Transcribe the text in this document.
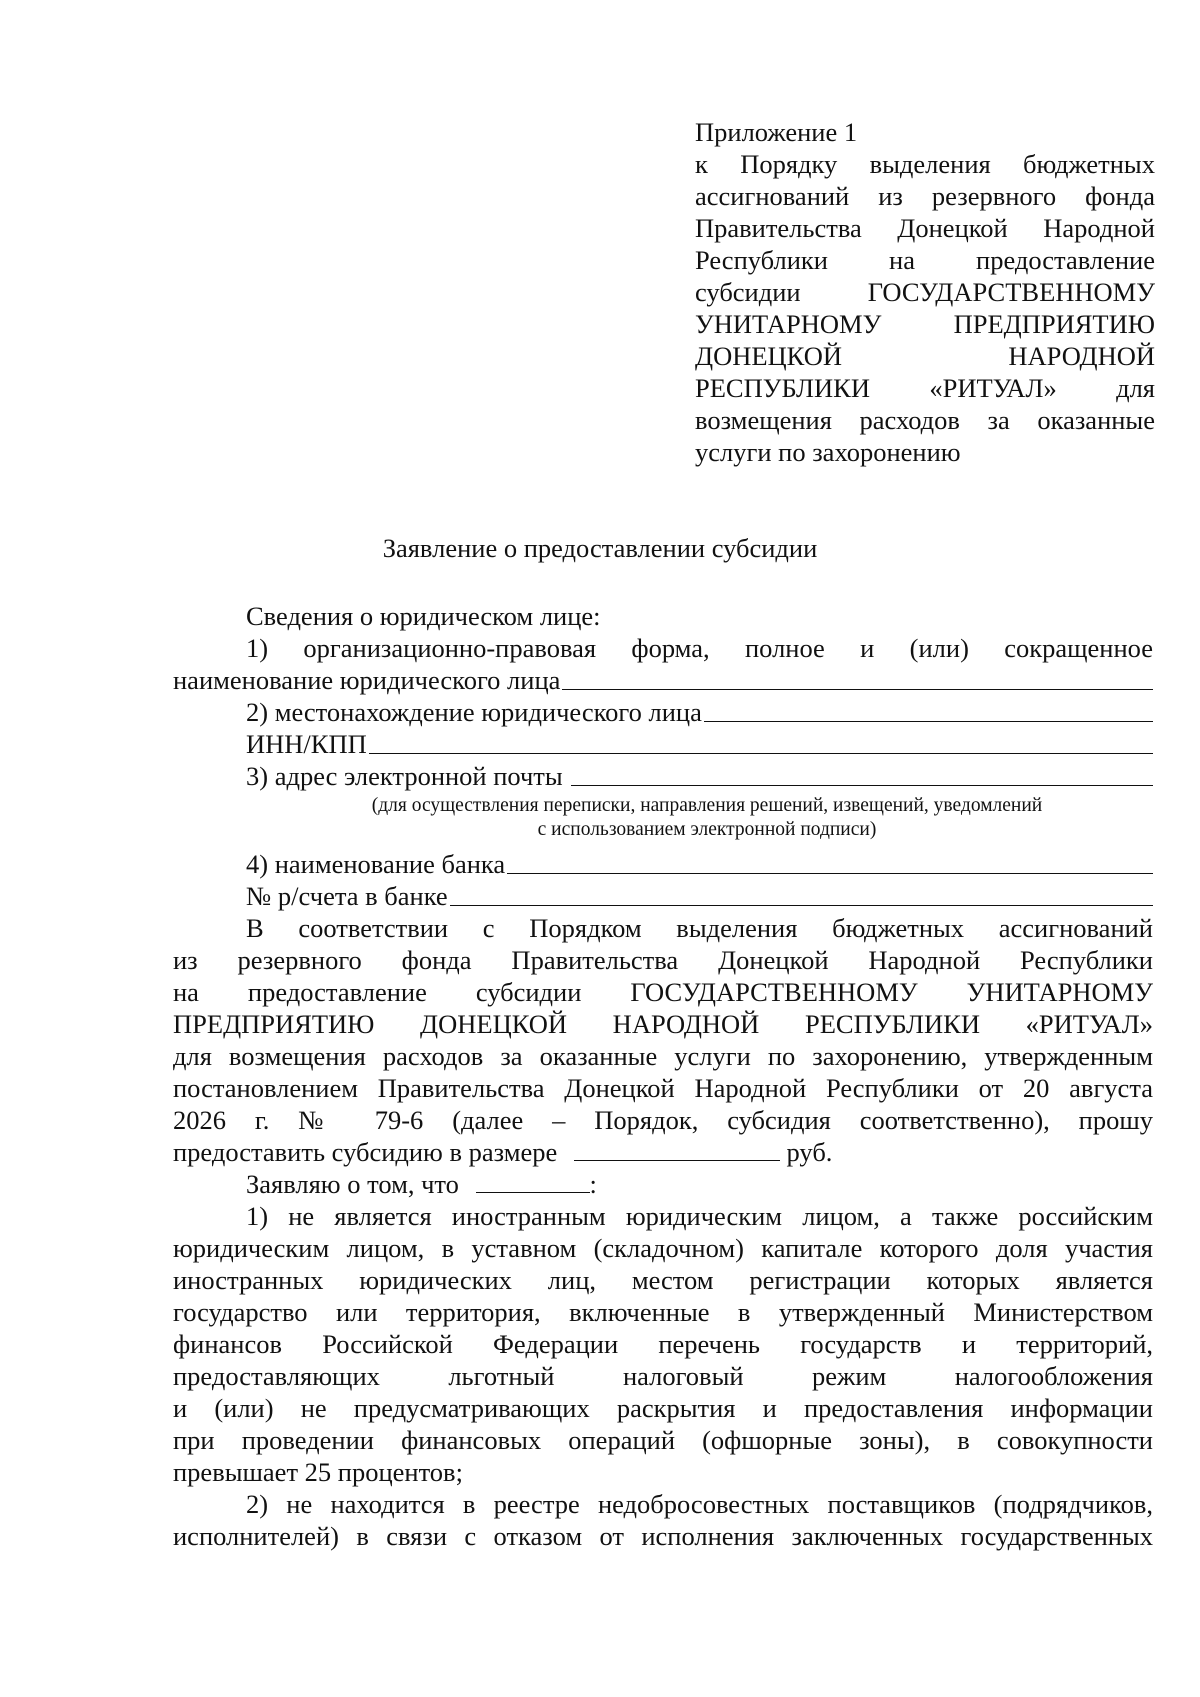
Приложение 1
к Порядку выделения бюджетных
ассигнований из резервного фонда
Правительства Донецкой Народной
Республики на предоставление
субсидии ГОСУДАРСТВЕННОМУ
УНИТАРНОМУ ПРЕДПРИЯТИЮ
ДОНЕЦКОЙ НАРОДНОЙ
РЕСПУБЛИКИ «РИТУАЛ» для
возмещения расходов за оказанные
услуги по захоронению
Заявление о предоставлении субсидии
Сведения о юридическом лице:
1) организационно-правовая форма, полное и (или) сокращенное
наименование юридического лица
2) местонахождение юридического лица
ИНН/КПП
3) адрес электронной почты
(для осуществления переписки, направления решений, извещений, уведомлений
с использованием электронной подписи)
4) наименование банка
№ р/счета в банке
В соответствии с Порядком выделения бюджетных ассигнований
из резервного фонда Правительства Донецкой Народной Республики
на предоставление субсидии ГОСУДАРСТВЕННОМУ УНИТАРНОМУ
ПРЕДПРИЯТИЮ ДОНЕЦКОЙ НАРОДНОЙ РЕСПУБЛИКИ «РИТУАЛ»
для возмещения расходов за оказанные услуги по захоронению, утвержденным
постановлением Правительства Донецкой Народной Республики от 20 августа
2026 г. № 79-6 (далее – Порядок, субсидия соответственно), прошу
предоставить субсидию в размере	руб.
Заявляю о том, что	:
1) не является иностранным юридическим лицом, а также российским
юридическим лицом, в уставном (складочном) капитале которого доля участия
иностранных юридических лиц, местом регистрации которых является
государство или территория, включенные в утвержденный Министерством
финансов Российской Федерации перечень государств и территорий,
предоставляющих льготный налоговый режим налогообложения
и (или) не предусматривающих раскрытия и предоставления информации
при проведении финансовых операций (офшорные зоны), в совокупности
превышает 25 процентов;
2) не находится в реестре недобросовестных поставщиков (подрядчиков,
исполнителей) в связи с отказом от исполнения заключенных государственных
